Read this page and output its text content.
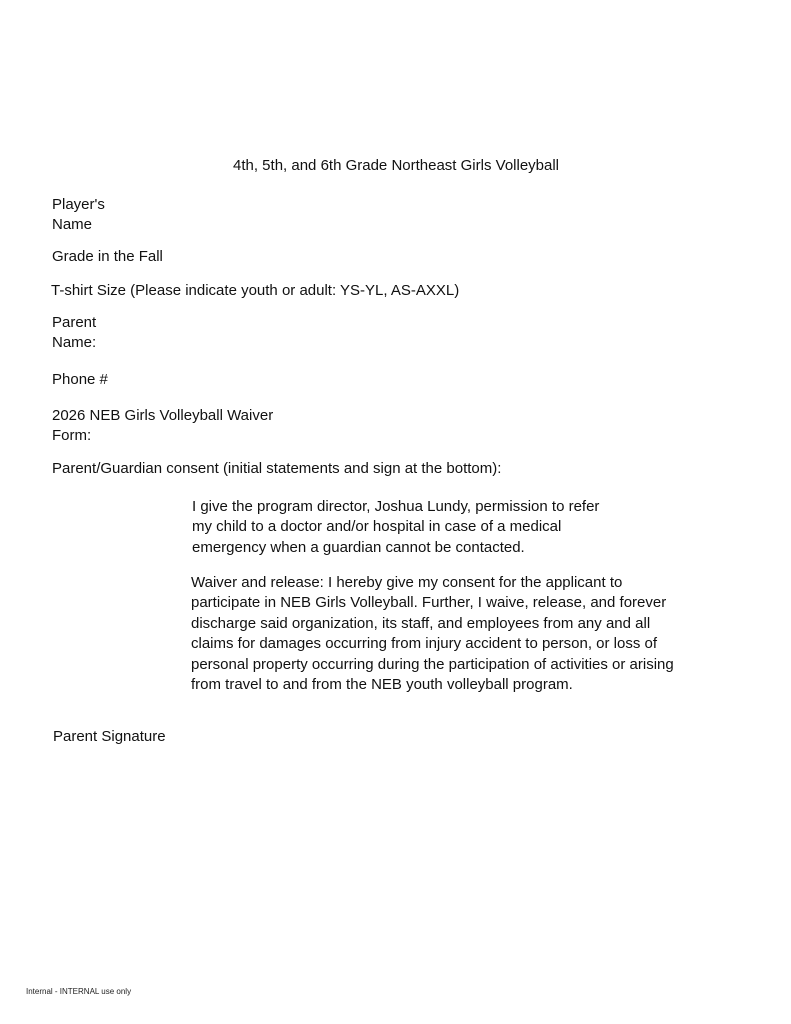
4th, 5th, and 6th Grade Northeast Girls Volleyball
Player's
Name
Grade in the Fall
T-shirt Size (Please indicate youth or adult: YS-YL, AS-AXXL)
Parent
Name:
Phone #
2026 NEB Girls Volleyball Waiver
Form:
Parent/Guardian consent (initial statements and sign at the bottom):
I give the program director, Joshua Lundy, permission to refer
my child to a doctor and/or hospital in case of a medical
emergency when a guardian cannot be contacted.
Waiver and release: I hereby give my consent for the applicant to
participate in NEB Girls Volleyball. Further, I waive, release, and forever
discharge said organization, its staff, and employees from any and all
claims for damages occurring from injury accident to person, or loss of
personal property occurring during the participation of activities or arising
from travel to and from the NEB youth volleyball program.
Parent Signature
Internal - INTERNAL use only
